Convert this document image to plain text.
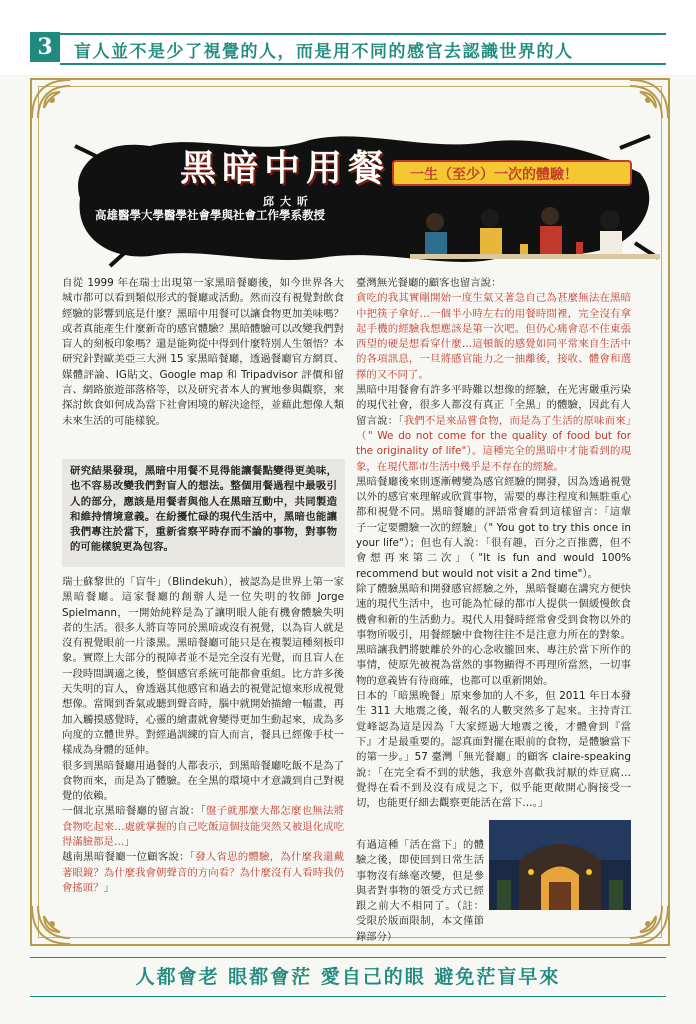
3	盲人並不是少了視覺的人，而是用不同的感官去認識世界的人
黑暗中用餐 一生（至少）一次的體驗！
邱大昕
高雄醫學大學醫學社會學與社會工作學系教授

自從 1999 年在瑞士出現第一家黑暗餐廳後，如今世界各大城市都可以看到類似形式的餐廳或活動。然而沒有視覺對飲食經驗的影響到底是什麼？黑暗中用餐可以讓食物更加美味嗎？或者真能產生什麼新奇的感官體驗？黑暗體驗可以改變我們對盲人的刻板印象嗎？還是能夠從中得到什麼特別人生領悟？本研究針對歐美亞三大洲 15 家黑暗餐廳，透過餐廳官方網頁、媒體評論、IG貼文、Google map 和 Tripadvisor 評價和留言、網路旅遊部落格等，以及研究者本人的實地參與觀察，來探討飲食如何成為當下社會困境的解決途徑，並藉此想像人類未來生活的可能樣貌。

研究結果發現，黑暗中用餐不見得能讓餐點變得更美味，也不容易改變我們對盲人的想法。整個用餐過程中最吸引人的部分，應該是用餐者與他人在黑暗互動中，共同製造和維持情境意義。在紛擾忙碌的現代生活中，黑暗也能讓我們專注於當下，重新省察平時存而不論的事物，對事物的可能樣貌更為包容。

瑞士蘇黎世的「盲牛」（Blindekuh），被認為是世界上第一家黑暗餐廳。這家餐廳的創辦人是一位失明的牧師 Jorge Spielmann，一開始純粹是為了讓明眼人能有機會體驗失明者的生活。很多人將盲等同於黑暗或沒有視覺，以為盲人就是沒有視覺眼前一片漆黑。黑暗餐廳可能只是在複製這種刻板印象。實際上大部分的視障者並不是完全沒有光覺，而且盲人在一段時間調適之後，整個感官系統可能都會重組。比方許多後天失明的盲人，會透過其他感官和過去的視覺記憶來形成視覺想像。當聞到香氣或聽到聲音時，腦中就開始描繪一幅畫，再加入觸摸感覺時，心靈的繪畫就會變得更加生動起來，成為多向度的立體世界。對經過訓練的盲人而言，餐具已經像手杖一樣成為身體的延伸。

很多到黑暗餐廳用過餐的人都表示，到黑暗餐廳吃飯不是為了食物而來，而是為了體驗。在全黑的環境中才意識到自己對視覺的依賴。

一個北京黑暗餐廳的留言說：「盤子就那麼大都怎麼也無法將食物吃起來…處就掌握的自己吃飯這個技能突然又被退化成吃得滿臉都是…」

越南黑暗餐廳一位顧客說：「發人省思的體驗，為什麼我還戴著眼鏡？為什麼我會朝聲音的方向看？為什麼沒有人看時我仍會搖頭？」

臺灣無光餐廳的顧客也留言說：

貪吃的我其實剛開始一度生氣又著急自己為甚麼無法在黑暗中把筷子拿好…一個半小時左右的用餐時間裡，完全沒有拿起手機的經驗我想應該是第一次吧。但仍心痛會忍不住東張西望的硬是想看穿什麼…這頓飯的感覺如同平常來自生活中的各項訊息，一旦將感官能力之一抽離後，接收、體會和選擇的又不同了。

黑暗中用餐會有許多平時難以想像的經驗，在光害嚴重污染的現代社會，很多人都沒有真正「全黑」的體驗，因此有人留言說：「我們不是來品嘗食物，而是為了生活的原味而來」（" We do not come for the quality of food but for the originality of life"）。這種完全的黑暗中才能看到的現象，在現代都市生活中幾乎是不存在的經驗。

黑暗餐廳後來則逐漸轉變為感官經驗的開發，因為透過視覺以外的感官來理解或欣賞事物，需要的專注程度和無駐重心都和視覺不同。黑暗餐廳的評語常會看到這樣留言：「這輩子一定要體驗一次的經驗」（" You got to try this once in your life"）；但也有人說：「很有趣，百分之百推薦，但不會想再來第二次」（"It is fun and would 100% recommend but would not visit a 2nd time"）。

除了體驗黑暗和開發感官經驗之外，黑暗餐廳在講究方便快速的現代生活中，也可能為忙碌的都市人提供一個緩慢飲食機會和新的生活動力。現代人用餐時經常會受到食物以外的事物所吸引，用餐經驗中食物往往不是注意力所在的對象。黑暗讓我們將駛離於外的心念收攏回來、專注於當下所作的事情，使原先被視為當然的事物顯得不再理所當然，一切事物的意義皆有待商確，也都可以重新開始。

日本的「暗黑晚餐」原來參加的人不多，但 2011 年日本發生 311 大地震之後，報名的人數突然多了起來。主持青江覚峰認為這是因為「大家經過大地震之後，才體會到『當下』才是最重要的。認真面對擺在眼前的食物，是體驗當下的第一步。」57 臺灣「無光餐廳」的顧客 claire-speaking 說：「在完全看不到的狀態，我意外喜歡我討厭的炸豆腐…覺得在看不到及沒有成見之下，似乎能更敞開心胸接受一切，也能更仔細去觀察更能活在當下…。」

有過這種「活在當下」的體驗之後，即使回到日常生活事物沒有絲毫改變，但是參與者對事物的領受方式已經跟之前大不相同了。（註：受限於版面限制，本文僅節錄部分）
人都會老 眼都會茫 愛自己的眼 避免茫盲早來
